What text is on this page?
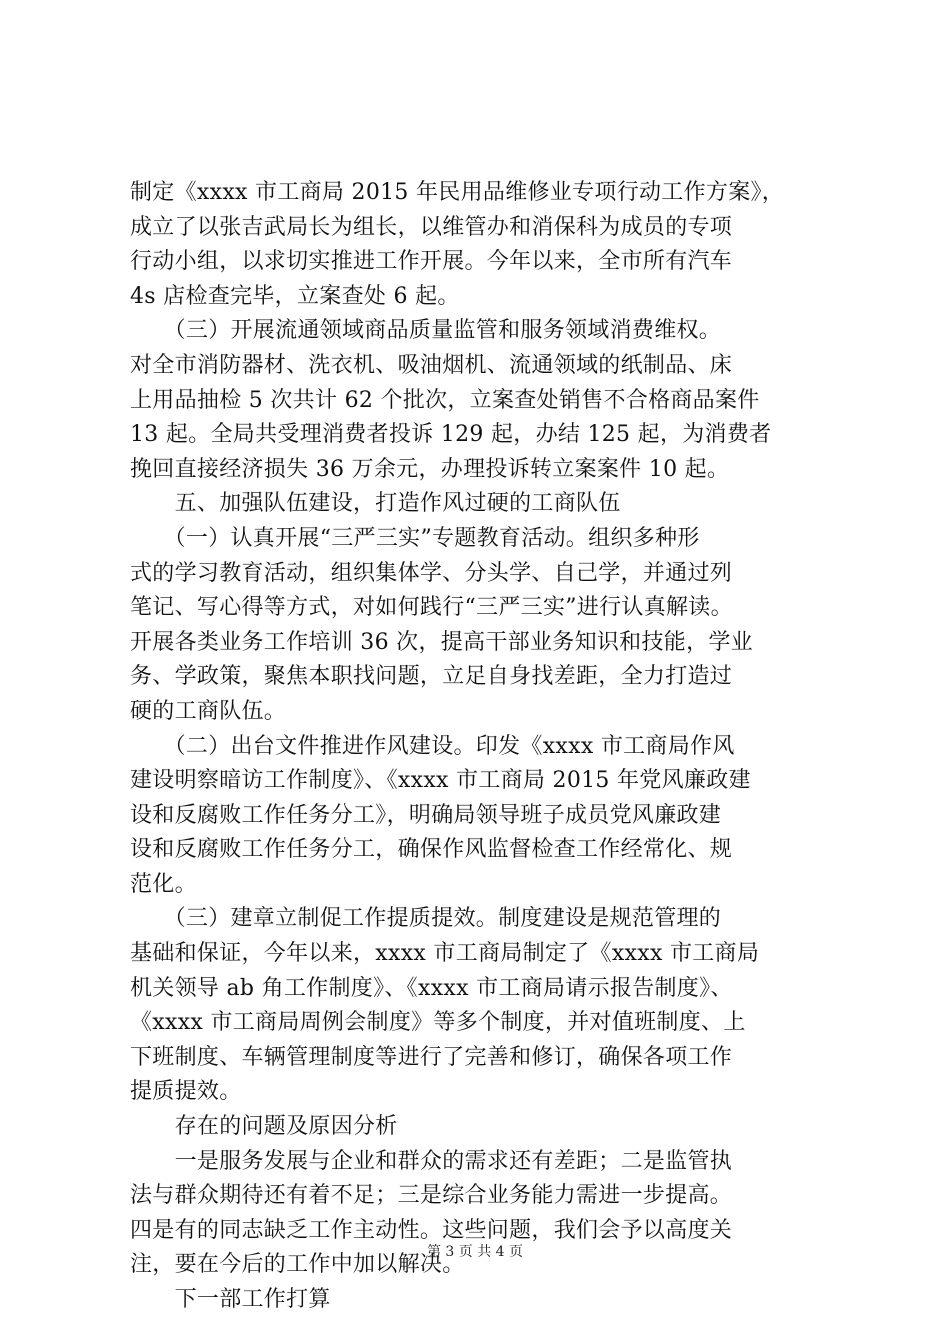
制定《xxxx 市工商局 2015 年民用品维修业专项行动工作方案》，
成立了以张吉武局长为组长，以维管办和消保科为成员的专项
行动小组，以求切实推进工作开展。今年以来，全市所有汽车
4s 店检查完毕，立案查处 6 起。
　　（三）开展流通领域商品质量监管和服务领域消费维权。
对全市消防器材、洗衣机、吸油烟机、流通领域的纸制品、床
上用品抽检 5 次共计 62 个批次，立案查处销售不合格商品案件
13 起。全局共受理消费者投诉 129 起，办结 125 起，为消费者
挽回直接经济损失 36 万余元，办理投诉转立案案件 10 起。
　　五、加强队伍建设，打造作风过硬的工商队伍
　　（一）认真开展“三严三实”专题教育活动。组织多种形
式的学习教育活动，组织集体学、分头学、自己学，并通过列
笔记、写心得等方式，对如何践行“三严三实”进行认真解读。
开展各类业务工作培训 36 次，提高干部业务知识和技能，学业
务、学政策，聚焦本职找问题，立足自身找差距，全力打造过
硬的工商队伍。
　　（二）出台文件推进作风建设。印发《xxxx 市工商局作风
建设明察暗访工作制度》、《xxxx 市工商局 2015 年党风廉政建
设和反腐败工作任务分工》，明确局领导班子成员党风廉政建
设和反腐败工作任务分工，确保作风监督检查工作经常化、规
范化。
　　（三）建章立制促工作提质提效。制度建设是规范管理的
基础和保证，今年以来，xxxx 市工商局制定了《xxxx 市工商局
机关领导 ab 角工作制度》、《xxxx 市工商局请示报告制度》、
《xxxx 市工商局周例会制度》等多个制度，并对值班制度、上
下班制度、车辆管理制度等进行了完善和修订，确保各项工作
提质提效。
　　存在的问题及原因分析
　　一是服务发展与企业和群众的需求还有差距；二是监管执
法与群众期待还有着不足；三是综合业务能力需进一步提高。
四是有的同志缺乏工作主动性。这些问题，我们会予以高度关
注，要在今后的工作中加以解决。
　　下一部工作打算
第 3 页 共 4 页
